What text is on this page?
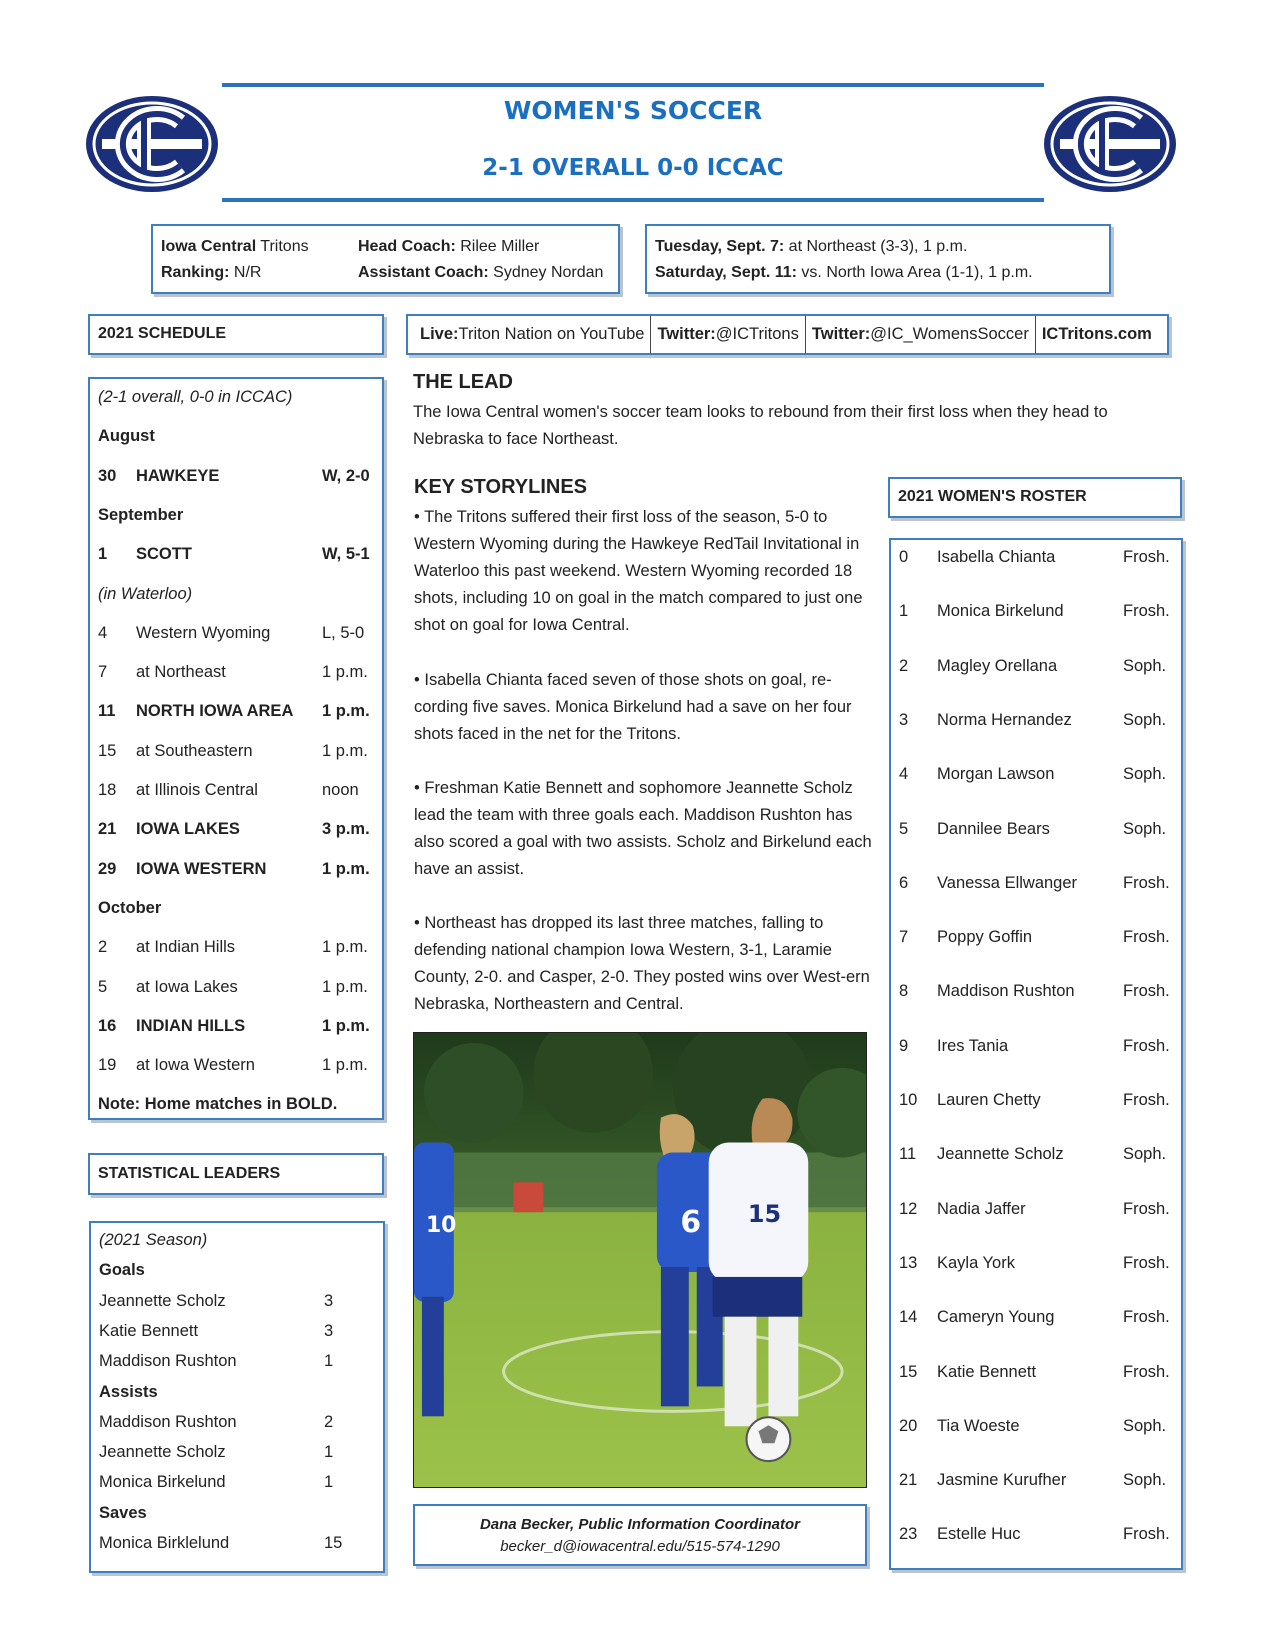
WOMEN'S SOCCER
2-1 OVERALL 0-0 ICCAC
Iowa Central Tritons
Ranking: N/R
Head Coach: Rilee Miller
Assistant Coach: Sydney Nordan
Tuesday, Sept. 7: at Northeast (3-3), 1 p.m.
Saturday, Sept. 11: vs. North Iowa Area (1-1), 1 p.m.
2021 SCHEDULE
(2-1 overall, 0-0 in ICCAC)
August
30	HAWKEYE	W, 2-0
September
1	SCOTT	W, 5-1
(in Waterloo)
4	Western Wyoming	L, 5-0
7	at Northeast	1 p.m.
11	NORTH IOWA AREA	1 p.m.
15	at Southeastern	1 p.m.
18	at Illinois Central	noon
21	IOWA LAKES	3 p.m.
29	IOWA WESTERN	1 p.m.
October
2	at Indian Hills	1 p.m.
5	at Iowa Lakes	1 p.m.
16	INDIAN HILLS	1 p.m.
19	at Iowa Western	1 p.m.
Note: Home matches in BOLD.
STATISTICAL LEADERS
(2021 Season)
Goals
Jeannette Scholz	3
Katie Bennett	3
Maddison Rushton	1
Assists
Maddison Rushton	2
Jeannette Scholz	1
Monica Birkelund	1
Saves
Monica Birklelund	15
Live: Triton Nation on YouTube Twitter: @ICTritons Twitter: @IC_WomensSoccer ICTritons.com
THE LEAD
The Iowa Central women's soccer team looks to rebound from their first loss when they head to Nebraska to face Northeast.
KEY STORYLINES
• The Tritons suffered their first loss of the season, 5-0 to Western Wyoming during the Hawkeye RedTail Invitational in Waterloo this past weekend. Western Wyoming recorded 18 shots, including 10 on goal in the match compared to just one shot on goal for Iowa Central.
• Isabella Chianta faced seven of those shots on goal, re-cording five saves. Monica Birkelund had a save on her four shots faced in the net for the Tritons.
• Freshman Katie Bennett and sophomore Jeannette Scholz lead the team with three goals each. Maddison Rushton has also scored a goal with two assists. Scholz and Birkelund each have an assist.
• Northeast has dropped its last three matches, falling to defending national champion Iowa Western, 3-1, Laramie County, 2-0. and Casper, 2-0. They posted wins over West-ern Nebraska, Northeastern and Central.
6 15
10
Dana Becker, Public Information Coordinator
becker_d@iowacentral.edu/515-574-1290
2021 WOMEN'S ROSTER
0	Isabella Chianta	Frosh.
1	Monica Birkelund	Frosh.
2	Magley Orellana	Soph.
3	Norma Hernandez	Soph.
4	Morgan Lawson	Soph.
5	Dannilee Bears	Soph.
6	Vanessa Ellwanger	Frosh.
7	Poppy Goffin	Frosh.
8	Maddison Rushton	Frosh.
9	Ires Tania	Frosh.
10	Lauren Chetty	Frosh.
11	Jeannette Scholz	Soph.
12	Nadia Jaffer	Frosh.
13	Kayla York	Frosh.
14	Cameryn Young	Frosh.
15	Katie Bennett	Frosh.
20	Tia Woeste	Soph.
21	Jasmine Kurufher	Soph.
23	Estelle Huc	Frosh.
